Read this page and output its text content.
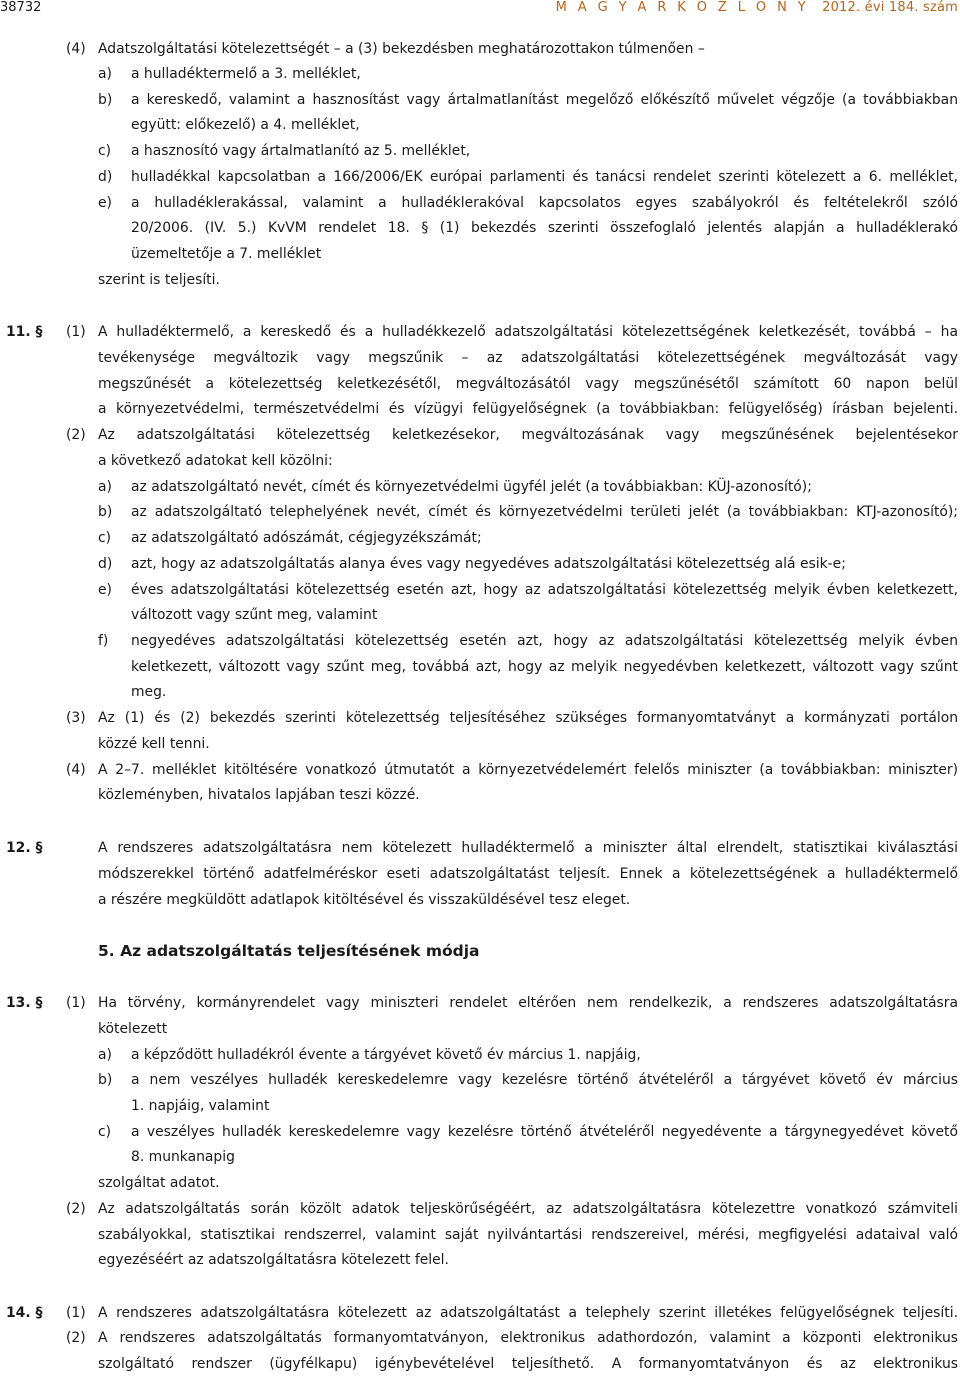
38732	M A G Y A R K Ö Z L Ö N Y 2012. évi 184. szám
Adatszolgáltatási kötelezettségét – a (3) bekezdésben meghatározottakon túlmenően –
a hulladéktermelő a 3. melléklet,
a kereskedő, valamint a hasznosítást vagy ártalmatlanítást megelőző előkészítő művelet végzője (a továbbiakban
együtt: előkezelő) a 4. melléklet,
a hasznosító vagy ártalmatlanító az 5. melléklet,
hulladékkal kapcsolatban a 166/2006/EK európai parlamenti és tanácsi rendelet szerinti kötelezett a 6. melléklet,
a hulladéklerakással, valamint a hulladéklerakóval kapcsolatos egyes szabályokról és feltételekről szóló
20/2006. (IV. 5.) KvVM rendelet 18. § (1) bekezdés szerinti összefoglaló jelentés alapján a hulladéklerakó
üzemeltetője a 7. melléklet
szerint is teljesíti.
A hulladéktermelő, a kereskedő és a hulladékkezelő adatszolgáltatási kötelezettségének keletkezését, továbbá – ha
tevékenysége megváltozik vagy megszűnik – az adatszolgáltatási kötelezettségének megváltozását vagy
megszűnését a kötelezettség keletkezésétől, megváltozásától vagy megszűnésétől számított 60 napon belül
a környezetvédelmi, természetvédelmi és vízügyi felügyelőségnek (a továbbiakban: felügyelőség) írásban bejelenti.
Az adatszolgáltatási kötelezettség keletkezésekor, megváltozásának vagy megszűnésének bejelentésekor
a következő adatokat kell közölni:
az adatszolgáltató nevét, címét és környezetvédelmi ügyfél jelét (a továbbiakban: KÜJ-azonosító);
az adatszolgáltató telephelyének nevét, címét és környezetvédelmi területi jelét (a továbbiakban: KTJ-azonosító);
az adatszolgáltató adószámát, cégjegyzékszámát;
azt, hogy az adatszolgáltatás alanya éves vagy negyedéves adatszolgáltatási kötelezettség alá esik-e;
éves adatszolgáltatási kötelezettség esetén azt, hogy az adatszolgáltatási kötelezettség melyik évben keletkezett,
változott vagy szűnt meg, valamint
negyedéves adatszolgáltatási kötelezettség esetén azt, hogy az adatszolgáltatási kötelezettség melyik évben
keletkezett, változott vagy szűnt meg, továbbá azt, hogy az melyik negyedévben keletkezett, változott vagy szűnt
meg.
Az (1) és (2) bekezdés szerinti kötelezettség teljesítéséhez szükséges formanyomtatványt a kormányzati portálon
közzé kell tenni.
A 2–7. melléklet kitöltésére vonatkozó útmutatót a környezetvédelemért felelős miniszter (a továbbiakban: miniszter)
közleményben, hivatalos lapjában teszi közzé.
A rendszeres adatszolgáltatásra nem kötelezett hulladéktermelő a miniszter által elrendelt, statisztikai kiválasztási
módszerekkel történő adatfelméréskor eseti adatszolgáltatást teljesít. Ennek a kötelezettségének a hulladéktermelő
a részére megküldött adatlapok kitöltésével és visszaküldésével tesz eleget.
Ha törvény, kormányrendelet vagy miniszteri rendelet eltérően nem rendelkezik, a rendszeres adatszolgáltatásra
kötelezett
a képződött hulladékról évente a tárgyévet követő év március 1. napjáig,
a nem veszélyes hulladék kereskedelemre vagy kezelésre történő átvételéről a tárgyévet követő év március
1. napjáig, valamint
a veszélyes hulladék kereskedelemre vagy kezelésre történő átvételéről negyedévente a tárgynegyedévet követő
8. munkanapig
szolgáltat adatot.
Az adatszolgáltatás során közölt adatok teljeskörűségéért, az adatszolgáltatásra kötelezettre vonatkozó számviteli
szabályokkal, statisztikai rendszerrel, valamint saját nyilvántartási rendszereivel, mérési, megfigyelési adataival való
egyezéséért az adatszolgáltatásra kötelezett felel.
A rendszeres adatszolgáltatásra kötelezett az adatszolgáltatást a telephely szerint illetékes felügyelőségnek teljesíti.
A rendszeres adatszolgáltatás formanyomtatványon, elektronikus adathordozón, valamint a központi elektronikus
szolgáltató rendszer (ügyfélkapu) igénybevételével teljesíthető. A formanyomtatványon és az elektronikus
(4)
a)
b)
c)
d)
e)
(1)
(2)
a)
b)
c)
d)
e)
f)
(3)
(4)
(1)
a)
b)
c)
(2)
(1)
(2)
11. §
12. §
13. §
14. §
5. Az adatszolgáltatás teljesítésének módja
